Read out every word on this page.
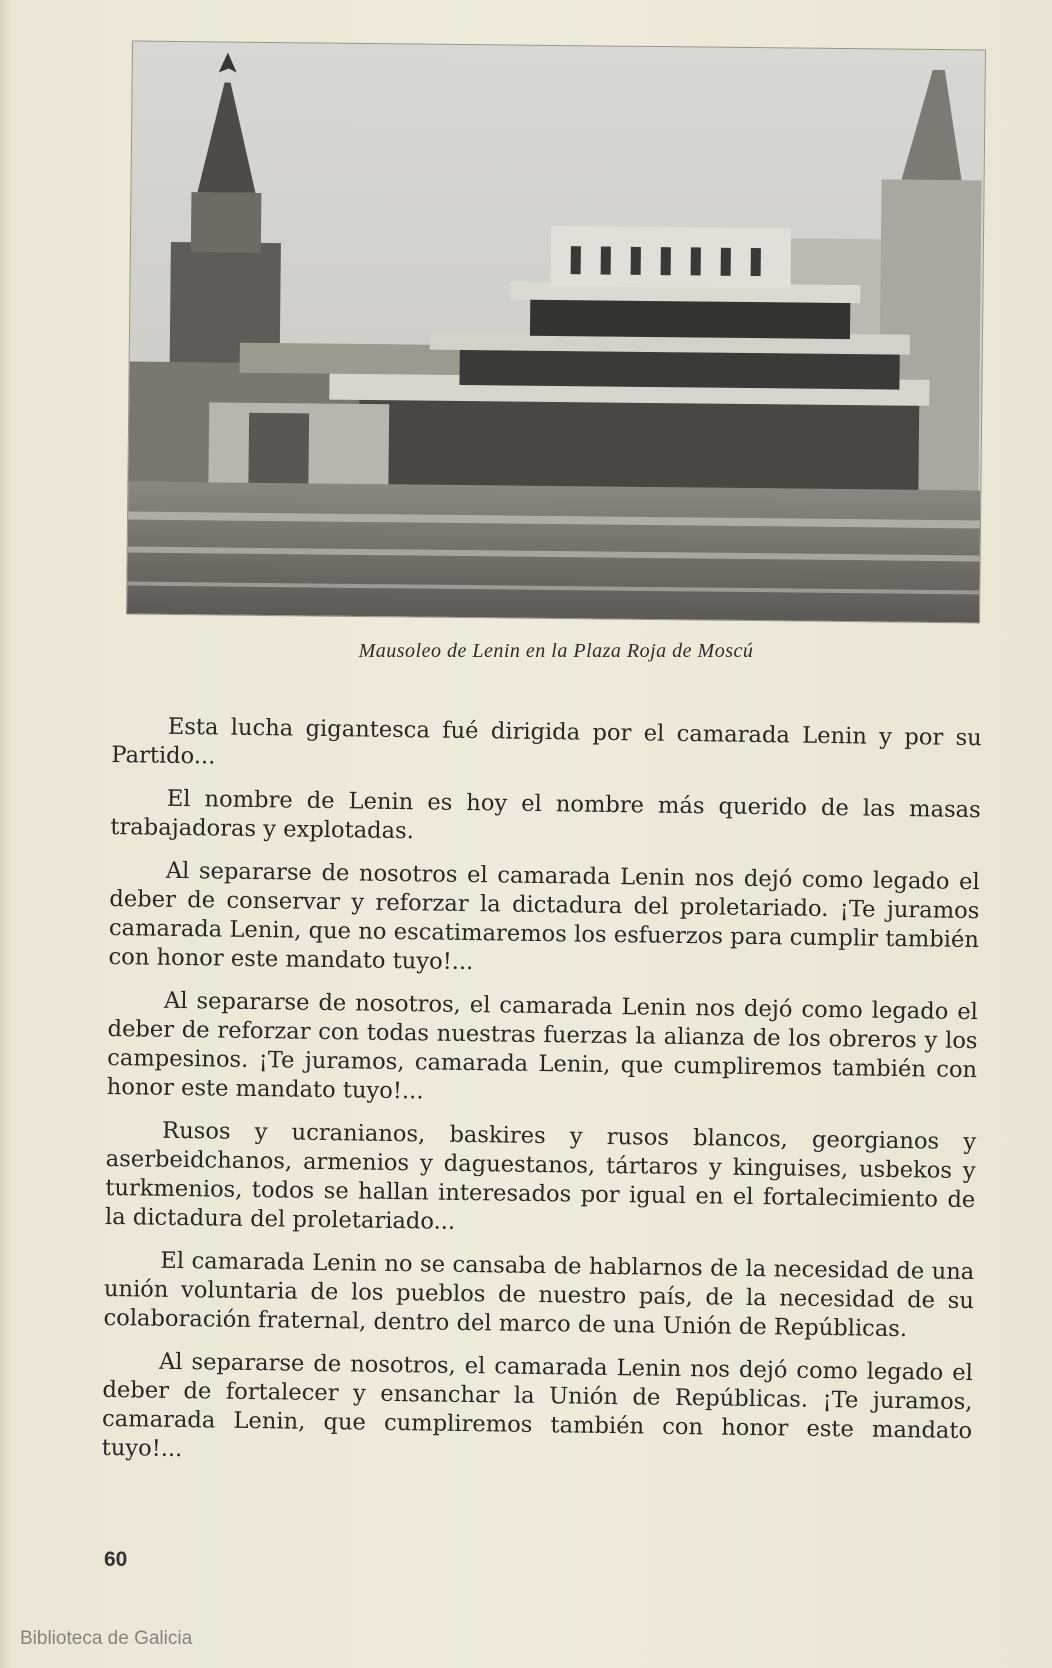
Mausoleo de Lenin en la Plaza Roja de Moscú

Esta lucha gigantesca fué dirigida por el camarada Lenin y por su Partido...

El nombre de Lenin es hoy el nombre más querido de las masas trabajadoras y explotadas.

Al separarse de nosotros el camarada Lenin nos dejó como legado el deber de conservar y reforzar la dictadura del proletariado. ¡Te juramos camarada Lenin, que no escatimaremos los esfuerzos para cumplir también con honor este mandato tuyo!...

Al separarse de nosotros, el camarada Lenin nos dejó como legado el deber de reforzar con todas nuestras fuerzas la alianza de los obreros y los campesinos. ¡Te juramos, camarada Lenin, que cumpliremos también con honor este mandato tuyo!...

Rusos y ucranianos, baskires y rusos blancos, georgianos y aserbeidchanos, armenios y daguestanos, tártaros y kinguises, usbekos y turkmenios, todos se hallan interesados por igual en el fortalecimiento de la dictadura del proletariado...

El camarada Lenin no se cansaba de hablarnos de la necesidad de una unión voluntaria de los pueblos de nuestro país, de la necesidad de su colaboración fraternal, dentro del marco de una Unión de Repúblicas.

Al separarse de nosotros, el camarada Lenin nos dejó como legado el deber de fortalecer y ensanchar la Unión de Repúblicas. ¡Te juramos, camarada Lenin, que cumpliremos también con honor este mandato tuyo!...

60
Biblioteca de Galicia
